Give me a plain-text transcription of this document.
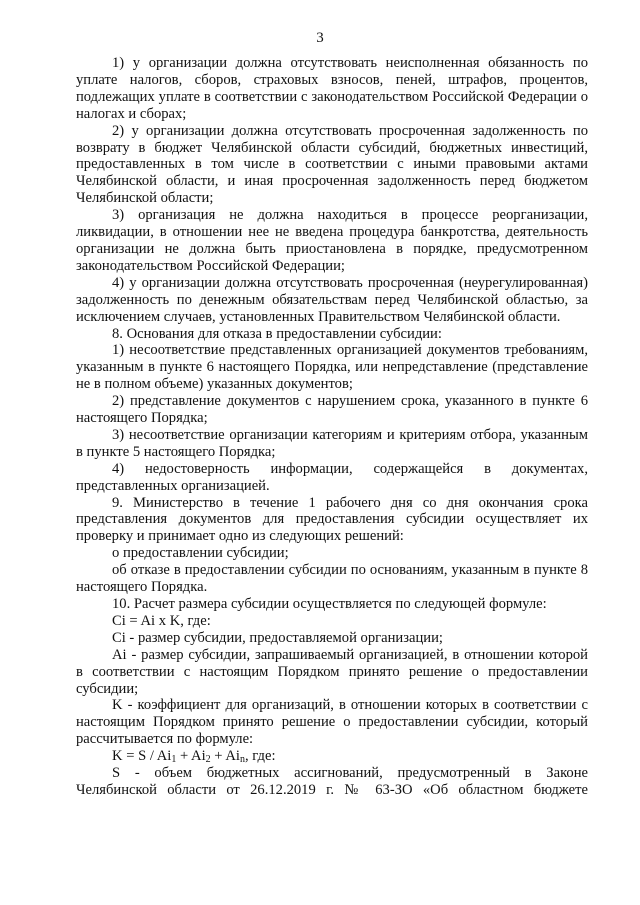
3

1) у организации должна отсутствовать неисполненная обязанность по уплате налогов, сборов, страховых взносов, пеней, штрафов, процентов, подлежащих уплате в соответствии с законодательством Российской Федерации о налогах и сборах;

2) у организации должна отсутствовать просроченная задолженность по возврату в бюджет Челябинской области субсидий, бюджетных инвестиций, предоставленных в том числе в соответствии с иными правовыми актами Челябинской области, и иная просроченная задолженность перед бюджетом Челябинской области;

3) организация не должна находиться в процессе реорганизации, ликвидации, в отношении нее не введена процедура банкротства, деятельность организации не должна быть приостановлена в порядке, предусмотренном законодательством Российской Федерации;

4) у организации должна отсутствовать просроченная (неурегулированная) задолженность по денежным обязательствам перед Челябинской областью, за исключением случаев, установленных Правительством Челябинской области.

8. Основания для отказа в предоставлении субсидии:

1) несоответствие представленных организацией документов требованиям, указанным в пункте 6 настоящего Порядка, или непредставление (представление не в полном объеме) указанных документов;

2) представление документов с нарушением срока, указанного в пункте 6 настоящего Порядка;

3) несоответствие организации категориям и критериям отбора, указанным в пункте 5 настоящего Порядка;

4) недостоверность информации, содержащейся в документах, представленных организацией.

9. Министерство в течение 1 рабочего дня со дня окончания срока представления документов для предоставления субсидии осуществляет их проверку и принимает одно из следующих решений:

о предоставлении субсидии;

об отказе в предоставлении субсидии по основаниям, указанным в пункте 8 настоящего Порядка.

10. Расчет размера субсидии осуществляется по следующей формуле:

Ci = Ai x K, где:

Ci - размер субсидии, предоставляемой организации;

Ai - размер субсидии, запрашиваемый организацией, в отношении которой в соответствии с настоящим Порядком принято решение о предоставлении субсидии;

K - коэффициент для организаций, в отношении которых в соответствии с настоящим Порядком принято решение о предоставлении субсидии, который рассчитывается по формуле:

$K = S / Ai_1 + Ai_2 + Ai_n$, где:

S - объем бюджетных ассигнований, предусмотренный в Законе Челябинской области от 26.12.2019 г. № 63-ЗО «Об областном бюджете
